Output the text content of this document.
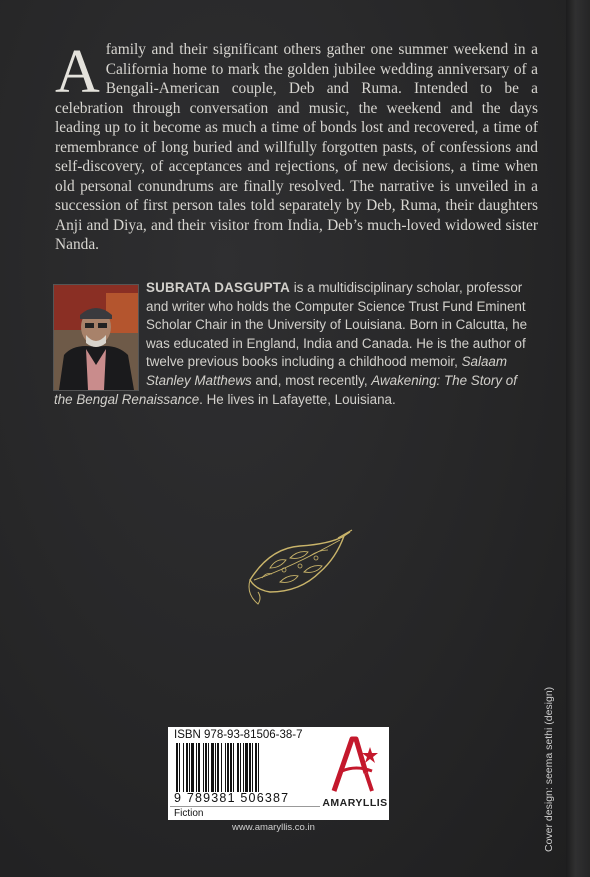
Afamily and their significant others gather one summer weekend in a California home to mark the golden jubilee wedding anniversary of a Bengali-American couple, Deb and Ruma. Intended to be a celebration through conversation and music, the weekend and the days leading up to it become as much a time of bonds lost and recovered, a time of remembrance of long buried and willfully forgotten pasts, of confessions and self-discovery, of acceptances and rejections, of new decisions, a time when old personal conundrums are finally resolved. The narrative is unveiled in a succession of first person tales told separately by Deb, Ruma, their daughters Anji and Diya, and their visitor from India, Deb’s much-loved widowed sister Nanda.

SUBRATA DASGUPTA is a multidisciplinary scholar, professor and writer who holds the Computer Science Trust Fund Eminent Scholar Chair in the University of Louisiana. Born in Calcutta, he was educated in England, India and Canada. He is the author of twelve previous books including a childhood memoir, Salaam Stanley Matthews and, most recently, Awakening: The Story of the Bengal Renaissance. He lives in Lafayette, Louisiana.

ISBN 978-93-81506-38-7
9 789381 506387
Fiction
AMARYLLIS
www.amaryllis.co.in	Cover design: seema sethi (design)
